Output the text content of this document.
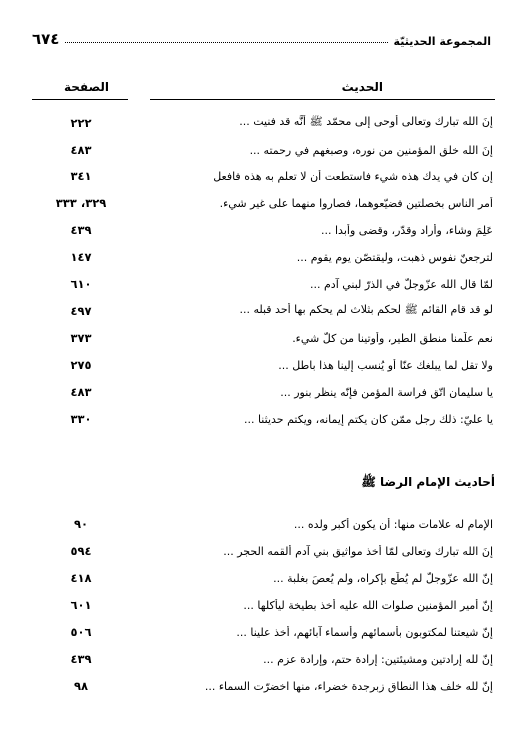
المجموعة الحديثيّة
٦٧٤
الحديث
الصفحة
إنَ الله تبارك وتعالى أوحى إلى محمّد ﷺ أنَّه قد فنيت ...
٢٢٢
إنَ الله خلق المؤمنين من نوره، وصبغهم في رحمته ...
٤٨٣
إن كان في يدك هذه شيء فاستطعت أن لا تعلم به هذه فافعل
٣٤١
أُمر الناس بخصلتين فضيّعوهما، فصاروا منهما على غير شيء.
٣٢٩، ٣٣٣
عَلِمَ وشاء، وأراد وقدّر، وقضى وأبدا ...
٤٣٩
لترجعنّ نفوس ذهبت، وليقتصّن يوم يقوم ...
١٤٧
لمّا قال الله عزّوجلّ في الذرّ لبني آدم ...
٦١٠
لو قد قام القائم ﷺ لحكم بثلاث لم يحكم بها أحد قبله ...
٤٩٧
نعم علّمنا منطق الطير، وأُوتينا من كلّ شيء.
٣٧٣
ولا تقل لما يبلغك عنّا أو يُنسب إلينا هذا باطل ...
٢٧٥
يا سليمان اتّق فراسة المؤمن فإنّه ينظر بنور ...
٤٨٣
يا عليّ: ذلك رجل ممّن كان يكتم إيمانه، ويكتم حديثنا ...
٣٣٠
أحاديث الإمام الرضا ﷺ
الإمام له علامات منها: أن يكون أكبر ولده ...
٩٠
إنَ الله تبارك وتعالى لمّا أخذ مواثيق بني آدم ألقمه الحجر ...
٥٩٤
إنّ الله عزّوجلّ لم يُطَع بإكراه، ولم يُعصَ بغلبة ...
٤١٨
إنّ أمير المؤمنين صلوات الله عليه أخذ بطيخة ليأكلها ...
٦٠١
إنّ شيعتنا لمكتوبون بأسمائهم وأسماء آبائهم، أخذ علينا ...
٥٠٦
إنّ لله إرادتين ومشيئتين: إرادة حتم، وإرادة عزم ...
٤٣٩
إنّ لله خلف هذا النطاق زبرجدة خضراء، منها اخضرّت السماء ...
٩٨
